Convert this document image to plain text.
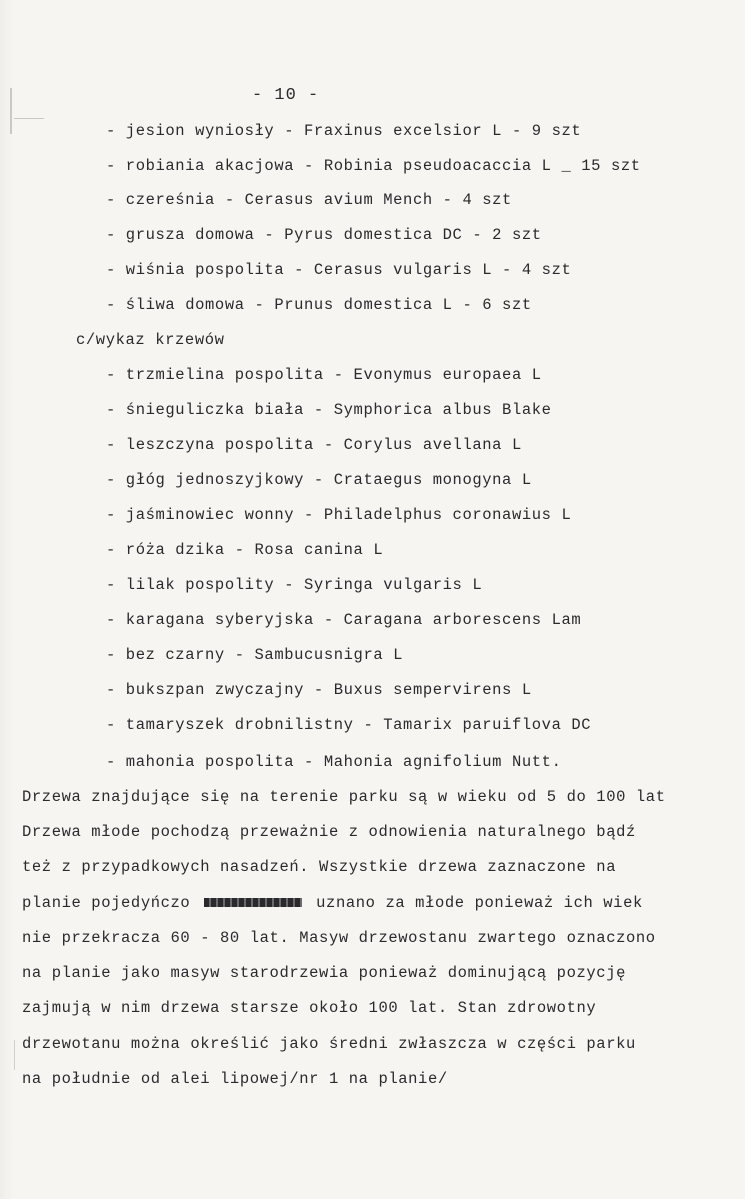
- 10 -
- jesion wyniosły - Fraxinus excelsior L - 9 szt
- robiania akacjowa - Robinia pseudoacaccia L _ 15 szt
- czereśnia - Cerasus avium Mench - 4 szt
- grusza domowa - Pyrus domestica DC - 2 szt
- wiśnia pospolita - Cerasus vulgaris L - 4 szt
- śliwa domowa - Prunus domestica L - 6 szt
c/wykaz krzewów
- trzmielina pospolita - Evonymus europaea L
- śnieguliczka biała - Symphorica albus Blake
- leszczyna pospolita - Corylus avellana L
- głóg jednoszyjkowy - Crataegus monogyna L
- jaśminowiec wonny - Philadelphus coronawius L
- róża dzika - Rosa canina L
- lilak pospolity - Syringa vulgaris L
- karagana syberyjska - Caragana arborescens Lam
- bez czarny - Sambucusnigra L
- bukszpan zwyczajny - Buxus sempervirens L
- tamaryszek drobnilistny - Tamarix paruiflova DC
- mahonia pospolita - Mahonia agnifolium Nutt.
Drzewa znajdujące się na terenie parku są w wieku od 5 do 100 lat
Drzewa młode pochodzą przeważnie z odnowienia naturalnego bądź
też z przypadkowych nasadzeń. Wszystkie drzewa zaznaczone na
planie pojedyńczo	uznano za młode ponieważ ich wiek
nie przekracza 60 - 80 lat. Masyw drzewostanu zwartego oznaczono
na planie jako masyw starodrzewia ponieważ dominującą pozycję
zajmują w nim drzewa starsze około 100 lat. Stan zdrowotny
drzewotanu można określić jako średni zwłaszcza w części parku
na południe od alei lipowej/nr 1 na planie/
